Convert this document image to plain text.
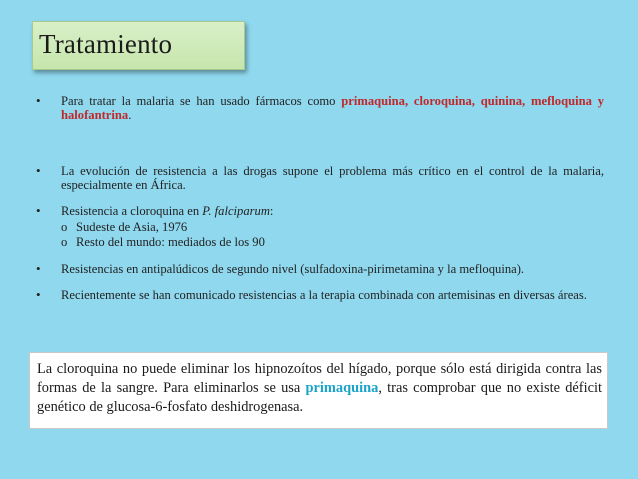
Tratamiento
• Para tratar la malaria se han usado fármacos como primaquina, cloroquina, quinina, mefloquina y halofantrina.
• La evolución de resistencia a las drogas supone el problema más crítico en el control de la malaria, especialmente en África.
• Resistencia a cloroquina en P. falciparum:
o Sudeste de Asia, 1976
o Resto del mundo: mediados de los 90
• Resistencias en antipalúdicos de segundo nivel (sulfadoxina-pirimetamina y la mefloquina).
• Recientemente se han comunicado resistencias a la terapia combinada con artemisinas en diversas áreas.
La cloroquina no puede eliminar los hipnozoítos del hígado, porque sólo está dirigida contra las formas de la sangre. Para eliminarlos se usa primaquina, tras comprobar que no existe déficit genético de glucosa-6-fosfato deshidrogenasa.
